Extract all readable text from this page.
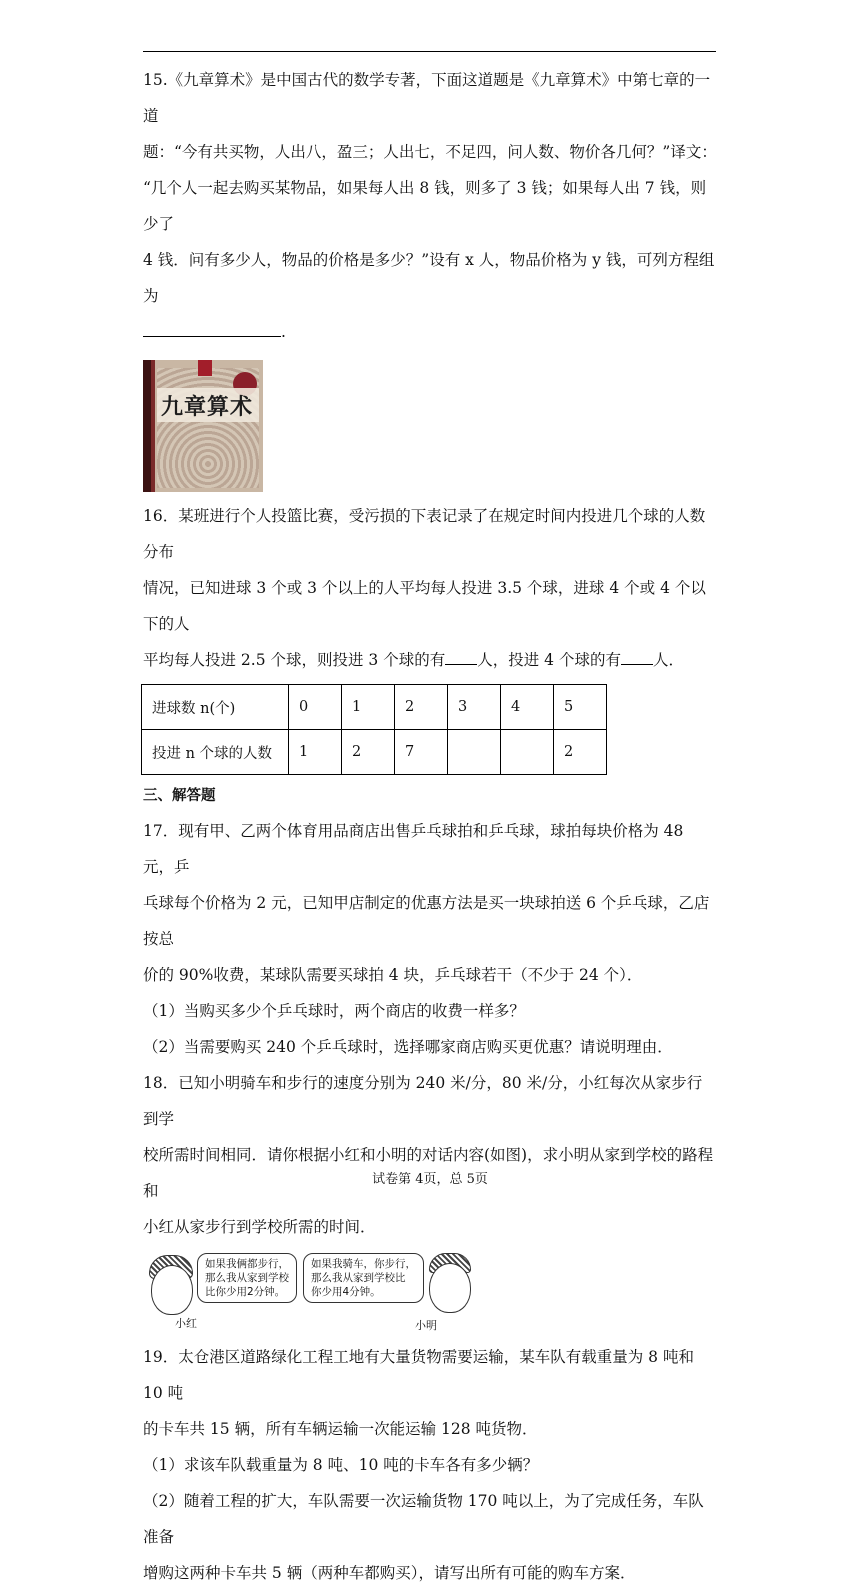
15.《九章算术》是中国古代的数学专著，下面这道题是《九章算术》中第七章的一道

题：“今有共买物，人出八，盈三；人出七，不足四，问人数、物价各几何？”译文：

“几个人一起去购买某物品，如果每人出 8 钱，则多了 3 钱；如果每人出 7 钱，则少了

4 钱．问有多少人，物品的价格是多少？”设有 x 人，物品价格为 y 钱，可列方程组为

.

九章算术

16．某班进行个人投篮比赛，受污损的下表记录了在规定时间内投进几个球的人数分布

情况，已知进球 3 个或 3 个以上的人平均每人投进 3.5 个球，进球 4 个或 4 个以下的人

平均每人投进 2.5 个球，则投进 3 个球的有 人，投进 4 个球的有 人．

进球数 n(个)	0	1	2	3	4	5
投进 n 个球的人数	1	2	7			2

三、解答题

17．现有甲、乙两个体育用品商店出售乒乓球拍和乒乓球，球拍每块价格为 48 元，乒

乓球每个价格为 2 元，已知甲店制定的优惠方法是买一块球拍送 6 个乒乓球，乙店按总

价的 90%收费，某球队需要买球拍 4 块，乒乓球若干（不少于 24 个）．

（1）当购买多少个乒乓球时，两个商店的收费一样多？

（2）当需要购买 240 个乒乓球时，选择哪家商店购买更优惠？请说明理由．

18．已知小明骑车和步行的速度分别为 240 米/分，80 米/分，小红每次从家步行到学

校所需时间相同．请你根据小红和小明的对话内容(如图)，求小明从家到学校的路程和

小红从家步行到学校所需的时间．

如果我俩都步行，
那么我从家到学校
比你少用2分钟。
小红
如果我骑车，你步行，
那么我从家到学校比
你少用4分钟。
小明

19．太仓港区道路绿化工程工地有大量货物需要运输，某车队有载重量为 8 吨和 10 吨

的卡车共 15 辆，所有车辆运输一次能运输 128 吨货物．

（1）求该车队载重量为 8 吨、10 吨的卡车各有多少辆？

（2）随着工程的扩大，车队需要一次运输货物 170 吨以上，为了完成任务，车队准备

增购这两种卡车共 5 辆（两种车都购买），请写出所有可能的购车方案．

试卷第 4页，总 5页
